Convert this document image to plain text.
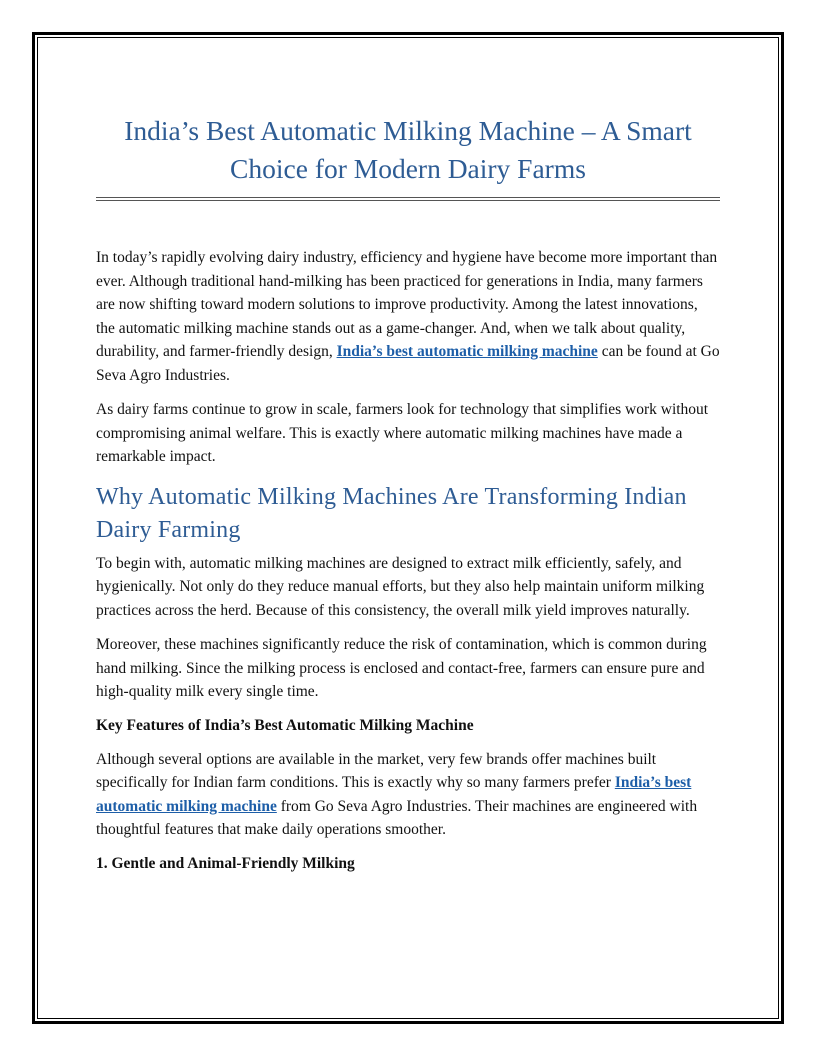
India’s Best Automatic Milking Machine – A Smart Choice for Modern Dairy Farms

In today’s rapidly evolving dairy industry, efficiency and hygiene have become more important than ever. Although traditional hand-milking has been practiced for generations in India, many farmers are now shifting toward modern solutions to improve productivity. Among the latest innovations, the automatic milking machine stands out as a game-changer. And, when we talk about quality, durability, and farmer-friendly design, India’s best automatic milking machine can be found at Go Seva Agro Industries.

As dairy farms continue to grow in scale, farmers look for technology that simplifies work without compromising animal welfare. This is exactly where automatic milking machines have made a remarkable impact.

Why Automatic Milking Machines Are Transforming Indian Dairy Farming

To begin with, automatic milking machines are designed to extract milk efficiently, safely, and hygienically. Not only do they reduce manual efforts, but they also help maintain uniform milking practices across the herd. Because of this consistency, the overall milk yield improves naturally.

Moreover, these machines significantly reduce the risk of contamination, which is common during hand milking. Since the milking process is enclosed and contact-free, farmers can ensure pure and high-quality milk every single time.

Key Features of India’s Best Automatic Milking Machine

Although several options are available in the market, very few brands offer machines built specifically for Indian farm conditions. This is exactly why so many farmers prefer India’s best automatic milking machine from Go Seva Agro Industries. Their machines are engineered with thoughtful features that make daily operations smoother.

1. Gentle and Animal-Friendly Milking
